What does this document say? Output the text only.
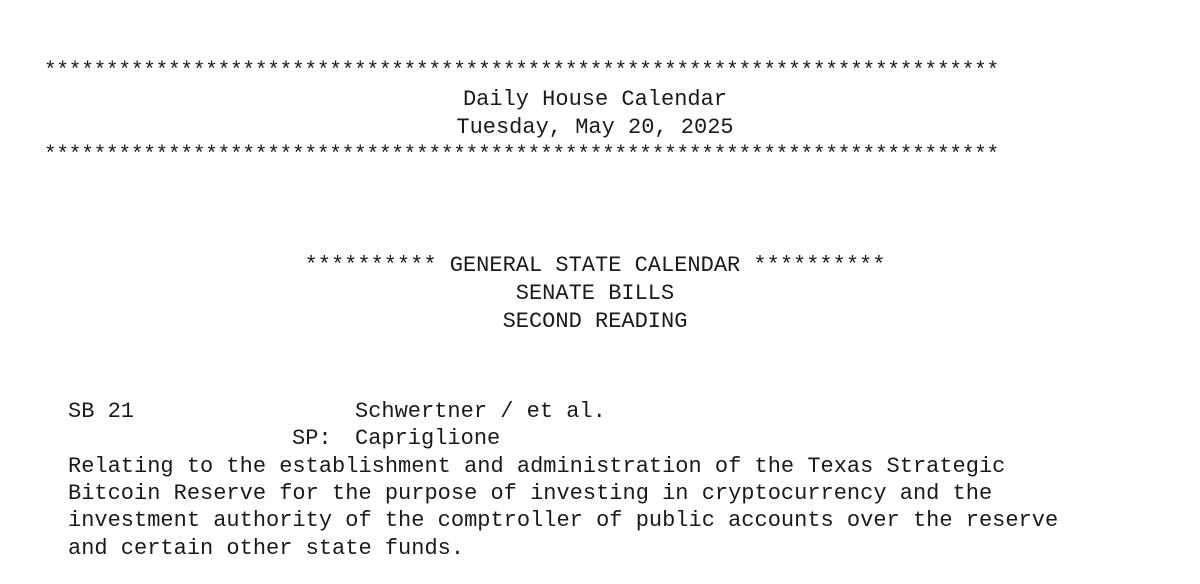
*****************************************************************************
Daily House Calendar
Tuesday, May 20, 2025
*****************************************************************************
********** GENERAL STATE CALENDAR **********
SENATE BILLS
SECOND READING
SB 21	Schwertner / et al.
SP: Capriglione
Relating to the establishment and administration of the Texas Strategic
Bitcoin Reserve for the purpose of investing in cryptocurrency and the
investment authority of the comptroller of public accounts over the reserve
and certain other state funds.
